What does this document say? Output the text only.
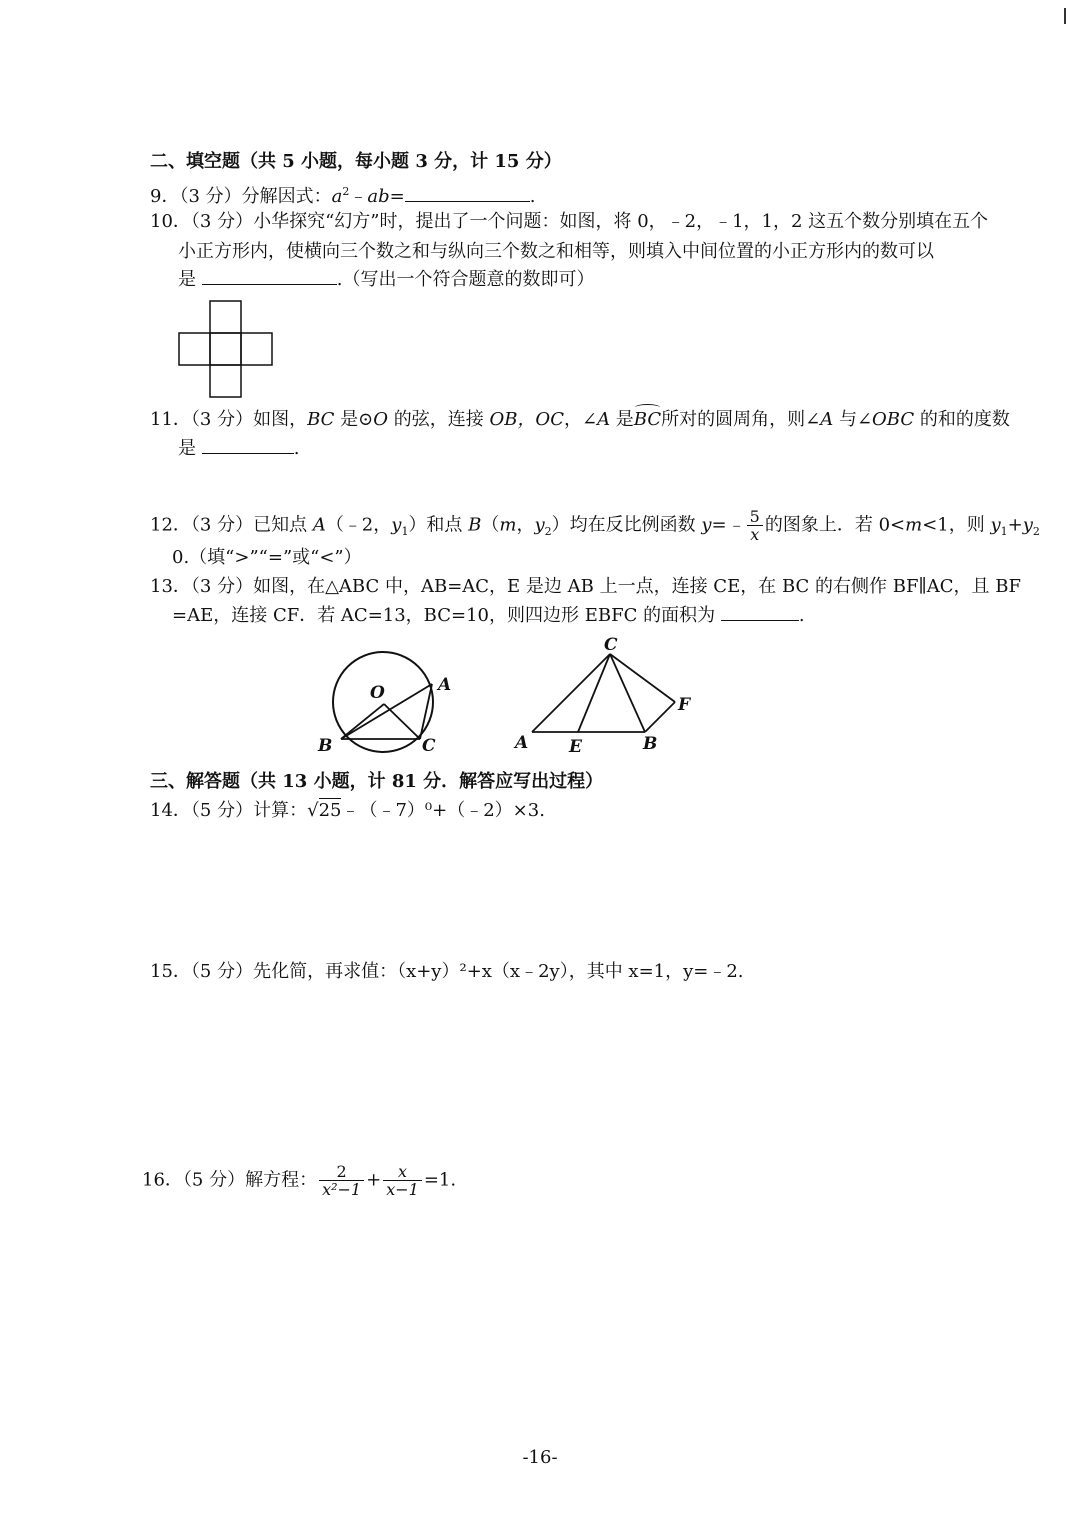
二、填空题（共 5 小题，每小题 3 分，计 15 分）
9．（3 分）分解因式：$a^2﹣ab=$	.
10．（3 分）小华探究“幻方”时，提出了一个问题：如图，将 0，﹣2，﹣1，1，2 这五个数分别填在五个
小正方形内，使横向三个数之和与纵向三个数之和相等，则填入中间位置的小正方形内的数可以
是	.（写出一个符合题意的数即可）
11．（3 分）如图，BC 是⊙O 的弦，连接 OB，OC，∠A 是BC所对的圆周角，则∠A 与∠OBC 的和的度数
是	.
12．（3 分）已知点 A（﹣2，$y_1$）和点 B（m，$y_2$）均在反比例函数 y=﹣ $\frac{5}{x}$ 的图象上．若 0<m<1，则 $y_1+y_2$
0.（填“>”“=”或“<”）
13．（3 分）如图，在△ABC 中，AB=AC，E 是边 AB 上一点，连接 CE，在 BC 的右侧作 BF∥AC，且 BF
=AE，连接 CF．若 AC=13，BC=10，则四边形 EBFC 的面积为	.
O	A
B	C
C
F
A E	B
三、解答题（共 13 小题，计 81 分．解答应写出过程）
14．（5 分）计算：√25﹣（﹣7）⁰+（﹣2）×3.
15．（5 分）先化简，再求值：（x+y）²+x（x﹣2y），其中 x=1，y=﹣2.
16．（5 分）解方程： $\frac{2}{\text{x²−1}} + \frac{x}{x-1} =1$.
-16-
